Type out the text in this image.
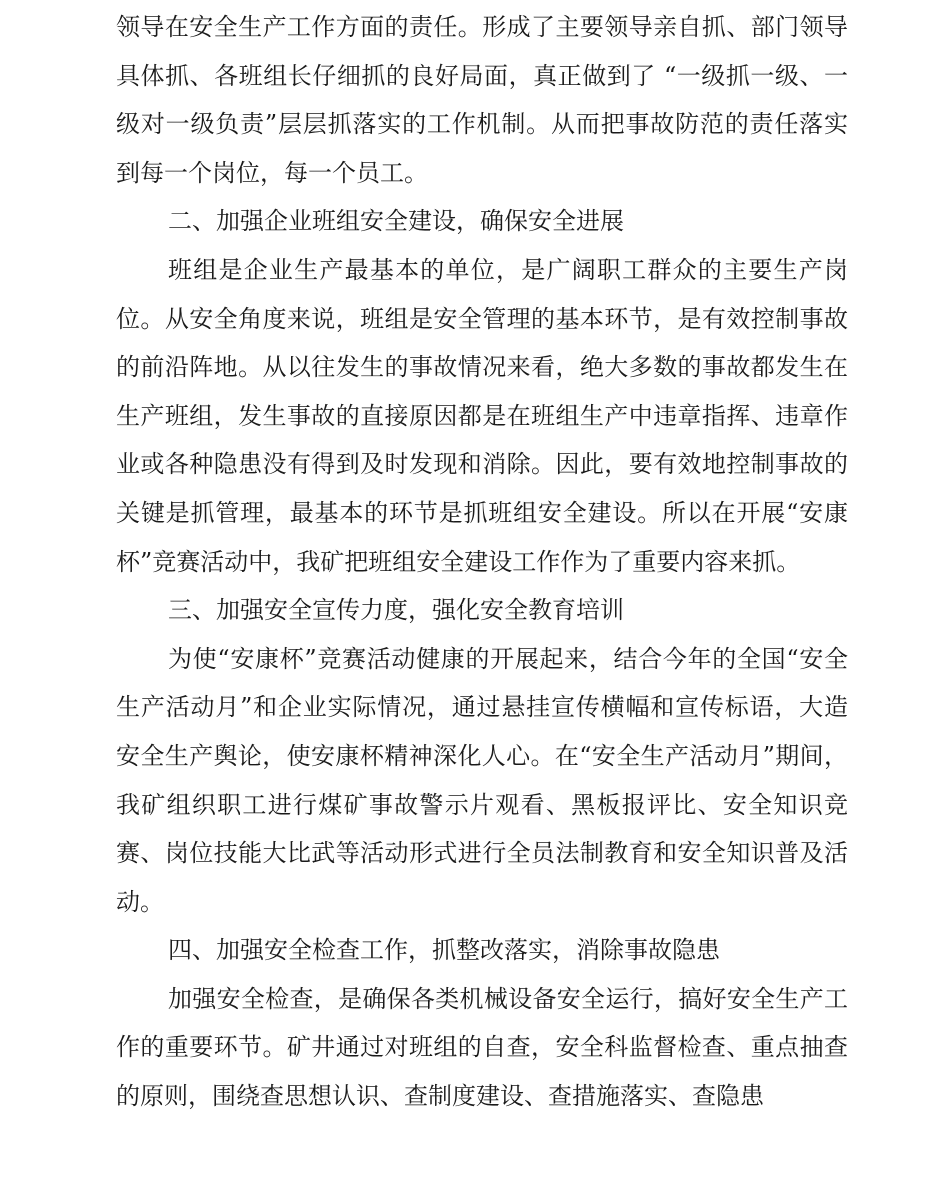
领导在安全生产工作方面的责任。形成了主要领导亲自抓、部门领导具体抓、各班组长仔细抓的良好局面，真正做到了 “一级抓一级、一级对一级负责”层层抓落实的工作机制。从而把事故防范的责任落实到每一个岗位，每一个员工。

二、加强企业班组安全建设，确保安全进展

班组是企业生产最基本的单位，是广阔职工群众的主要生产岗位。从安全角度来说，班组是安全管理的基本环节，是有效控制事故的前沿阵地。从以往发生的事故情况来看，绝大多数的事故都发生在生产班组，发生事故的直接原因都是在班组生产中违章指挥、违章作业或各种隐患没有得到及时发现和消除。因此，要有效地控制事故的关键是抓管理，最基本的环节是抓班组安全建设。所以在开展“安康杯”竞赛活动中，我矿把班组安全建设工作作为了重要内容来抓。

三、加强安全宣传力度，强化安全教育培训

为使“安康杯”竞赛活动健康的开展起来，结合今年的全国“安全生产活动月”和企业实际情况，通过悬挂宣传横幅和宣传标语，大造安全生产舆论，使安康杯精神深化人心。在“安全生产活动月”期间，我矿组织职工进行煤矿事故警示片观看、黑板报评比、安全知识竞赛、岗位技能大比武等活动形式进行全员法制教育和安全知识普及活动。

四、加强安全检查工作，抓整改落实，消除事故隐患

加强安全检查，是确保各类机械设备安全运行，搞好安全生产工作的重要环节。矿井通过对班组的自查，安全科监督检查、重点抽查的原则，围绕查思想认识、查制度建设、查措施落实、查隐患
